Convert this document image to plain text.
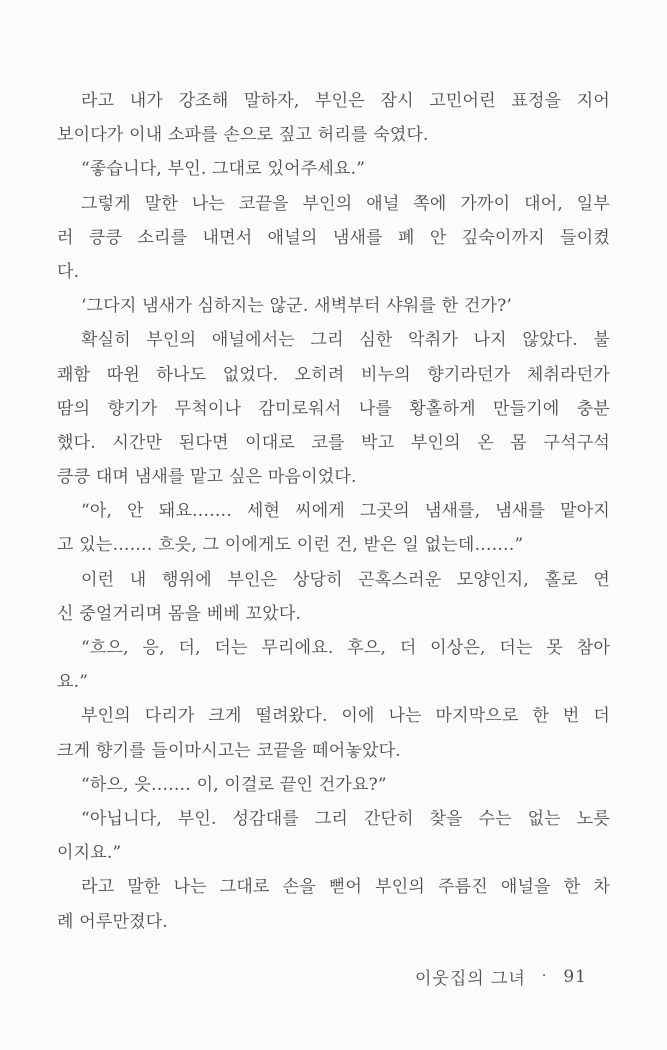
라고 내가 강조해 말하자, 부인은 잠시 고민어린 표정을 지어
보이다가 이내 소파를 손으로 짚고 허리를 숙였다.
“좋습니다, 부인. 그대로 있어주세요.”
그렇게 말한 나는 코끝을 부인의 애널 쪽에 가까이 대어, 일부
러 킁킁 소리를 내면서 애널의 냄새를 폐 안 깊숙이까지 들이켰
다.
‘그다지 냄새가 심하지는 않군. 새벽부터 샤워를 한 건가?’
확실히 부인의 애널에서는 그리 심한 악취가 나지 않았다. 불
쾌함 따윈 하나도 없었다. 오히려 비누의 향기라던가 체취라던가
땀의 향기가 무척이나 감미로워서 나를 황홀하게 만들기에 충분
했다. 시간만 된다면 이대로 코를 박고 부인의 온 몸 구석구석
킁킁 대며 냄새를 맡고 싶은 마음이었다.
“아, 안 돼요……. 세현 씨에게 그곳의 냄새를, 냄새를 맡아지
고 있는……. 흐읏, 그 이에게도 이런 건, 받은 일 없는데…….”
이런 내 행위에 부인은 상당히 곤혹스러운 모양인지, 홀로 연
신 중얼거리며 몸을 베베 꼬았다.
“흐으, 응, 더, 더는 무리에요. 후으, 더 이상은, 더는 못 참아
요.”
부인의 다리가 크게 떨려왔다. 이에 나는 마지막으로 한 번 더
크게 향기를 들이마시고는 코끝을 떼어놓았다.
“하으, 읏……. 이, 이걸로 끝인 건가요?”
“아닙니다, 부인. 성감대를 그리 간단히 찾을 수는 없는 노릇
이지요.”
라고 말한 나는 그대로 손을 뻗어 부인의 주름진 애널을 한 차
례 어루만졌다.
이웃집의 그녀 · 91
